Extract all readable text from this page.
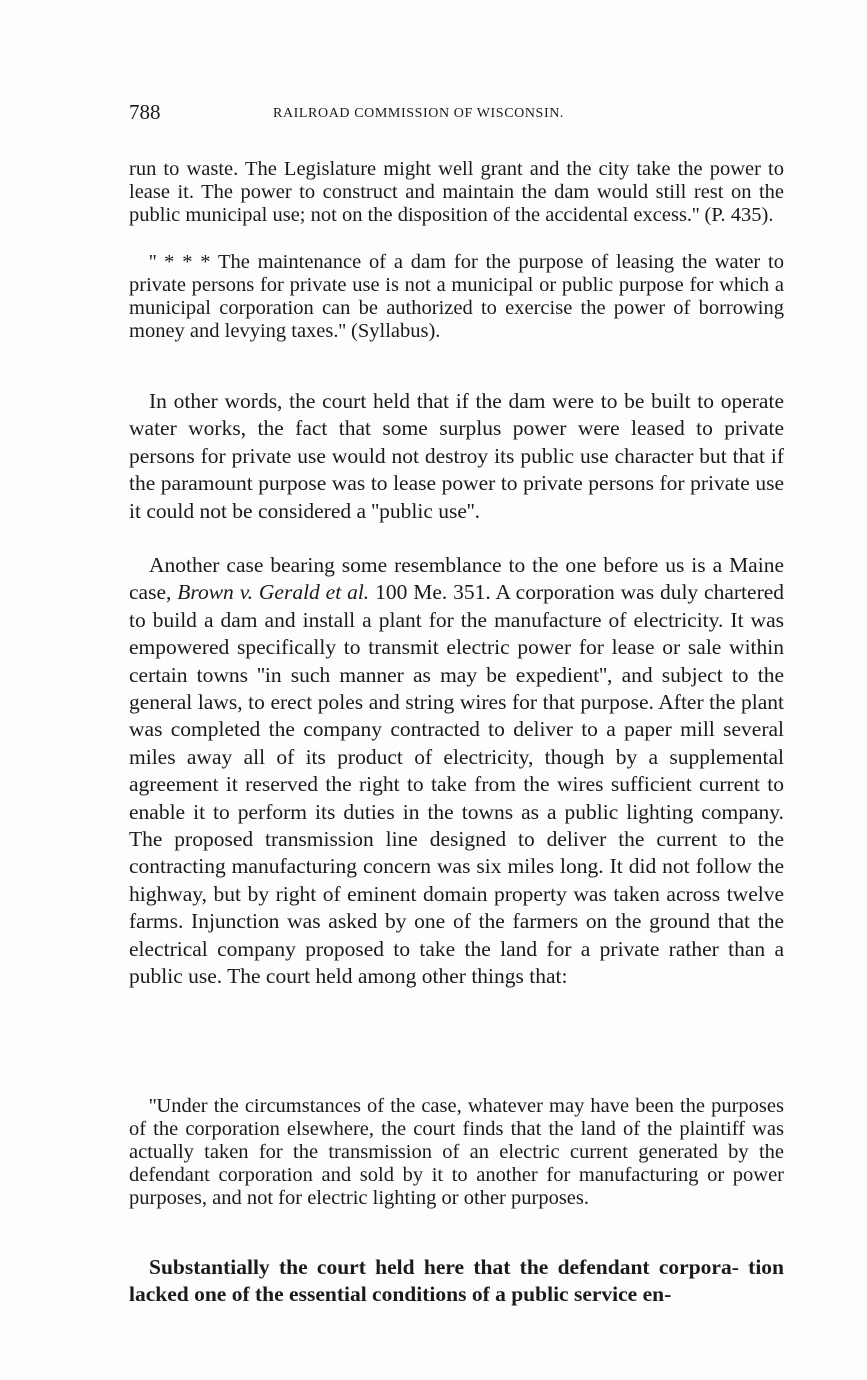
788	RAILROAD COMMISSION OF WISCONSIN.

run to waste. The Legislature might well grant and the city take the power to lease it. The power to construct and maintain the dam would still rest on the public municipal use; not on the disposition of the accidental excess.'' (P. 435).

'' * * * The maintenance of a dam for the purpose of leasing the water to private persons for private use is not a municipal or public purpose for which a municipal corporation can be authorized to exercise the power of borrowing money and levying taxes.'' (Syllabus).

In other words, the court held that if the dam were to be built to operate water works, the fact that some surplus power were leased to private persons for private use would not destroy its public use character but that if the paramount purpose was to lease power to private persons for private use it could not be considered a ''public use''.

Another case bearing some resemblance to the one before us is a Maine case, Brown v. Gerald et al. 100 Me. 351. A corporation was duly chartered to build a dam and install a plant for the manufacture of electricity. It was empowered specifically to transmit electric power for lease or sale within certain towns ''in such manner as may be expedient'', and subject to the general laws, to erect poles and string wires for that purpose. After the plant was completed the company contracted to deliver to a paper mill several miles away all of its product of electricity, though by a supplemental agreement it reserved the right to take from the wires sufficient current to enable it to perform its duties in the towns as a public lighting company. The proposed transmission line designed to deliver the current to the contracting manufacturing concern was six miles long. It did not follow the highway, but by right of eminent domain property was taken across twelve farms. Injunction was asked by one of the farmers on the ground that the electrical company proposed to take the land for a private rather than a public use. The court held among other things that:

''Under the circumstances of the case, whatever may have been the purposes of the corporation elsewhere, the court finds that the land of the plaintiff was actually taken for the transmission of an electric current generated by the defendant corporation and sold by it to another for manufacturing or power purposes, and not for electric lighting or other purposes.

Substantially the court held here that the defendant corpora- tion lacked one of the essential conditions of a public service en-
